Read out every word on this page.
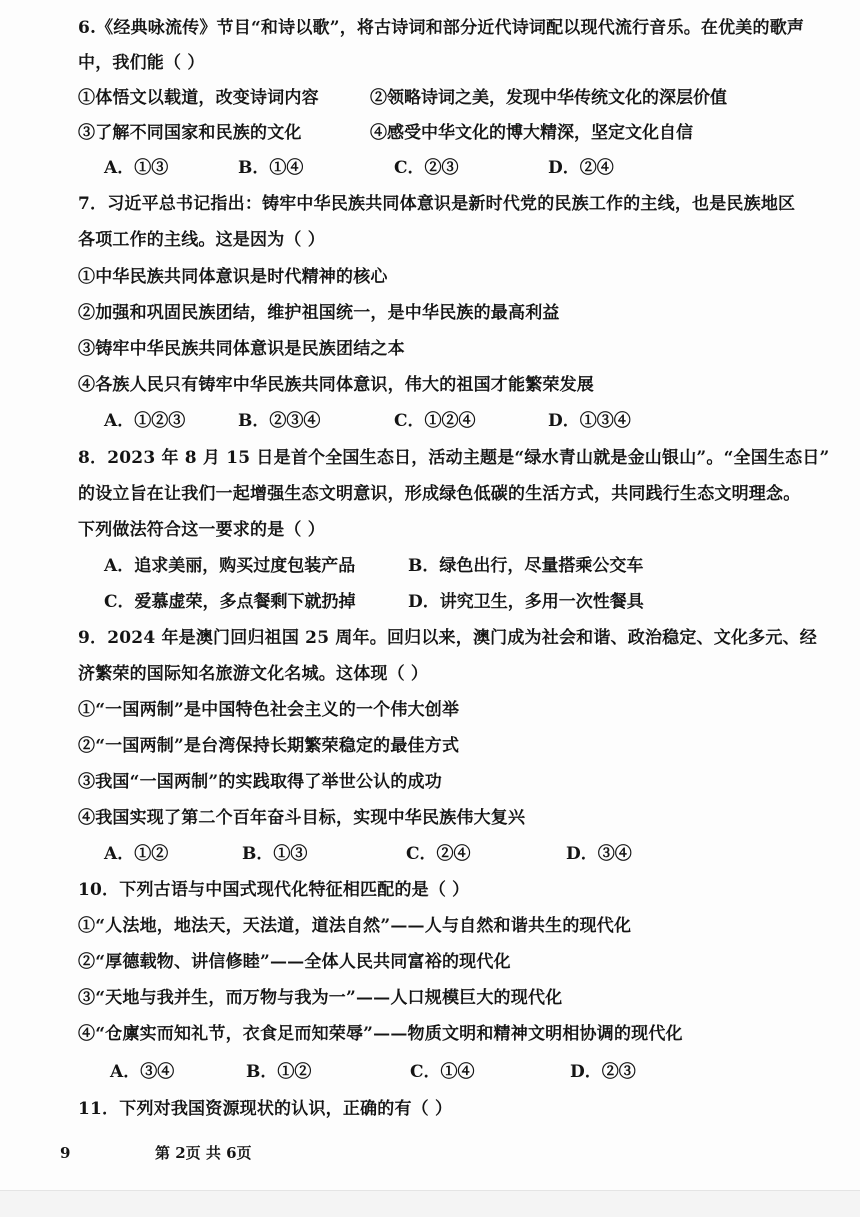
6.《经典咏流传》节目“和诗以歌”，将古诗词和部分近代诗词配以现代流行音乐。在优美的歌声
中，我们能（ ）
①体悟文以载道，改变诗词内容	②领略诗词之美，发现中华传统文化的深层价值
③了解不同国家和民族的文化	④感受中华文化的博大精深，坚定文化自信
A．①③	B．①④	C．②③	D．②④
7．习近平总书记指出：铸牢中华民族共同体意识是新时代党的民族工作的主线，也是民族地区
各项工作的主线。这是因为（ ）
①中华民族共同体意识是时代精神的核心
②加强和巩固民族团结，维护祖国统一，是中华民族的最高利益
③铸牢中华民族共同体意识是民族团结之本
④各族人民只有铸牢中华民族共同体意识，伟大的祖国才能繁荣发展
A．①②③	B．②③④	C．①②④	D．①③④
8．2023 年 8 月 15 日是首个全国生态日，活动主题是“绿水青山就是金山银山”。“全国生态日”
的设立旨在让我们一起增强生态文明意识，形成绿色低碳的生活方式，共同践行生态文明理念。
下列做法符合这一要求的是（ ）
A．追求美丽，购买过度包装产品	B．绿色出行，尽量搭乘公交车
C．爱慕虚荣，多点餐剩下就扔掉	D．讲究卫生，多用一次性餐具
9．2024 年是澳门回归祖国 25 周年。回归以来，澳门成为社会和谐、政治稳定、文化多元、经
济繁荣的国际知名旅游文化名城。这体现（ ）
①“一国两制”是中国特色社会主义的一个伟大创举
②“一国两制”是台湾保持长期繁荣稳定的最佳方式
③我国“一国两制”的实践取得了举世公认的成功
④我国实现了第二个百年奋斗目标，实现中华民族伟大复兴
A．①②	B．①③	C．②④	D．③④
10．下列古语与中国式现代化特征相匹配的是（ ）
①“人法地，地法天，天法道，道法自然”——人与自然和谐共生的现代化
②“厚德载物、讲信修睦”——全体人民共同富裕的现代化
③“天地与我并生，而万物与我为一”——人口规模巨大的现代化
④“仓廪实而知礼节，衣食足而知荣辱”——物质文明和精神文明相协调的现代化
A．③④	B．①②	C．①④	D．②③
11．下列对我国资源现状的认识，正确的有（ ）
9	第 2页 共 6页
